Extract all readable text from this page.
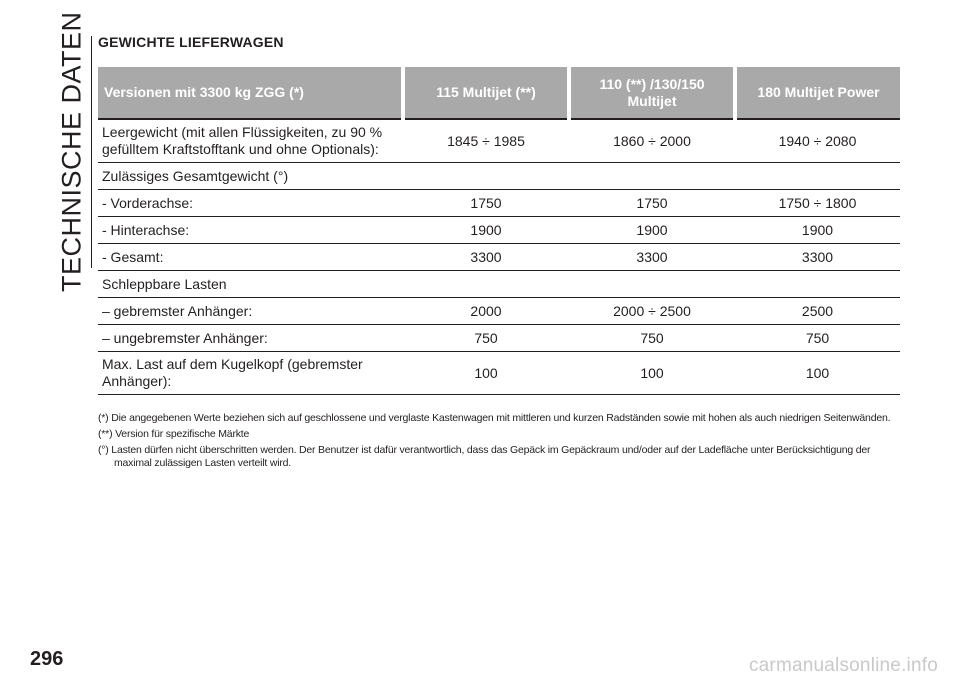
TECHNISCHE DATEN GEWICHTE LIEFERWAGEN
Versionen mit 3300 kg ZGG (*)	115 Multijet (**)	110 (**) /130/150 Multijet	180 Multijet Power
Leergewicht (mit allen Flüssigkeiten, zu 90 % gefülltem Kraftstofftank und ohne Optionals):	1845 ÷ 1985	1860 ÷ 2000	1940 ÷ 2080
Zulässiges Gesamtgewicht (°)			
- Vorderachse:	1750	1750	1750 ÷ 1800
- Hinterachse:	1900	1900	1900
- Gesamt:	3300	3300	3300
Schleppbare Lasten			
– gebremster Anhänger:	2000	2000 ÷ 2500	2500
– ungebremster Anhänger:	750	750	750
Max. Last auf dem Kugelkopf (gebremster Anhänger):	100	100	100

(*) Die angegebenen Werte beziehen sich auf geschlossene und verglaste Kastenwagen mit mittleren und kurzen Radständen sowie mit hohen als auch niedrigen Seitenwänden.

(**) Version für spezifische Märkte

(°) Lasten dürfen nicht überschritten werden. Der Benutzer ist dafür verantwortlich, dass das Gepäck im Gepäckraum und/oder auf der Ladefläche unter Berücksichtigung der maximal zulässigen Lasten verteilt wird.

296	carmanualsonline.info
